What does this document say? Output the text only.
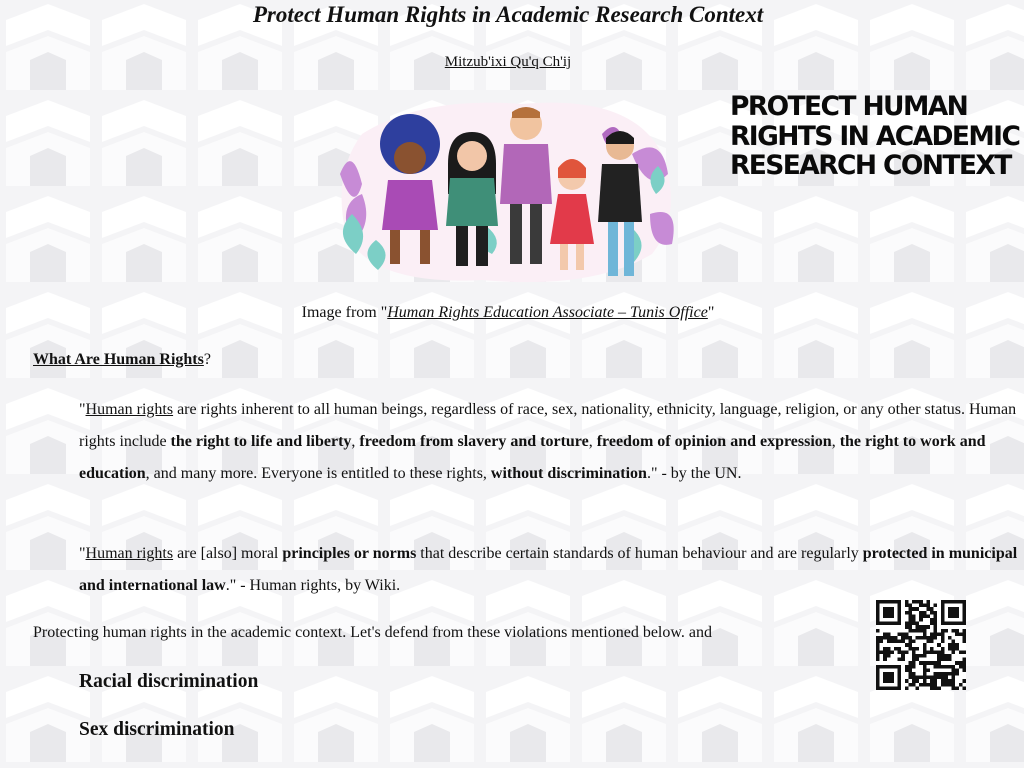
Protect Human Rights in Academic Research Context
Mitzub'ixi Qu'q Ch'ij
PROTECT HUMAN RIGHTS IN ACADEMIC RESEARCH CONTEXT
Image from "Human Rights Education Associate – Tunis Office"
What Are Human Rights?
"Human rights are rights inherent to all human beings, regardless of race, sex, nationality, ethnicity, language, religion, or any other status. Human rights include the right to life and liberty, freedom from slavery and torture, freedom of opinion and expression, the right to work and education, and many more. Everyone is entitled to these rights, without discrimination." - by the UN.
"Human rights are [also] moral principles or norms that describe certain standards of human behaviour and are regularly protected in municipal and international law." - Human rights, by Wiki.
Protecting human rights in the academic context. Let's defend from these violations mentioned below. and
Racial discrimination
Sex discrimination
